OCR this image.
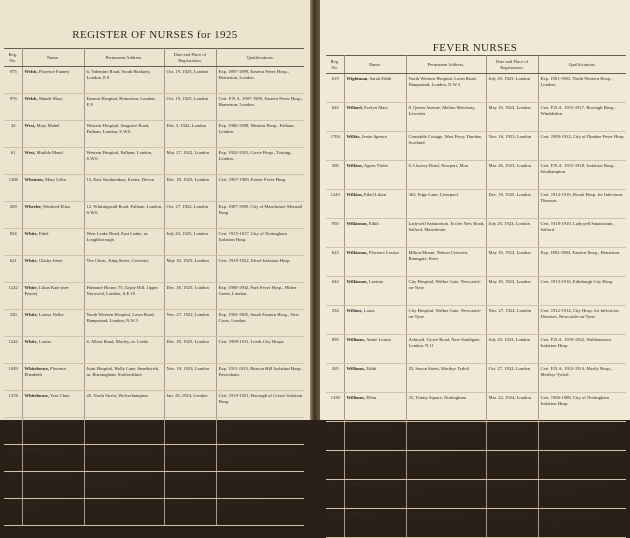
REGISTER OF NURSES for 1925
Reg. No.	Name.	Permanent Address.	Date and Place of Registration.	Qualifications.
975	Welsh, Florence Fanney	6, Valentine Road, South Hackney, London, E.9	Oct. 19, 1925, London	Exp. 1897-1899, Eastern Fever Hosp., Homerton, London.
976	Welsh, Maude Mary	Eastern Hospital, Homerton, London, E.9	Oct. 19, 1925, London	Cert. F.N.A. 1907-1909, Eastern Fever Hosp., Homerton, London.
42	West, Mary Mabel	Western Hospital, Seagrave Road, Fulham, London, S.W.6	Feb. 3, 1922, London	Exp. 1906-1908, Western Hosp., Fulham, London.
61	West, Matilda Maud	Western Hospital, Fulham, London, S.W.6	Mar. 27, 1922, London	Exp. 1922-1923, Grove Hosp., Tooting, London.
1306	Whenton, Mary Celia	12, East Southernhay, Exeter, Devon	Dec. 18, 1925, London	Cert. 1907-1909, Exeter Fever Hosp.
269	Wheeler, Winifred Eliza	12, Whittingstall Road, Fulham, London, S.W.6	Oct. 27, 1922, London	Exp. 1907-1909, City of Manchester Monsall Hosp.
834	White, Ethel	West Leake Road, East Leake, nr. Loughborough	July 20, 1925, London	Cert. 1915-1917, City of Nottingham Isolation Hosp.
621	White, Gladys Irene	The Clinic, King Street, Coventry	May 18, 1925, London	Cert. 1919-1922, Ilford Isolation Hosp.
1242	White, Lilian Kate (nee Payne)	Panmure House, 75, Gipsy Hill, Upper Norwood, London, S.E.19	Dec. 18, 1925, London	Exp. 1900-1902, Park Fever Hosp., Hither Green, London.
330	White, Louisa Nellie	North Western Hospital, Lawn Road, Hampstead, London, N.W.3	Nov. 27, 1922, London	Exp. 1902-1905, South Eastern Hosp., New Cross, London.
1242	White, Louise	6, Albert Road, Morley, nr. Leeds	Dec. 18, 1925, London	Cert. 1909-1911, Leeds City Hosps.
1049	Whitehouse, Florence Elizabeth	Joint Hospital, Holly Lane, Smethwick, nr. Birmingham, Staffordshire	Nov. 10, 1923, London	Exp. 1911-1913, Beacon Hill Isolation Hosp., Faversham.
1378	Whitehouse, Vera Clare	20, North Street, Wolverhampton	Jan. 18, 1924, London	Cert. 1919-1921, Borough of Crewe Isolation Hosp.
333	Whiteman, Mildred Margaret Martha	62, Park Avenue, Mitcham, Surrey	Nov. 27, 1922, London	Exp. 1908-1912, Brook Hosp., Woolwich, London.
808	Whitfield, Ethelwyn	56, Dunsmure Road, Stamford Hill, London, N.16	July 20, 1923, London	Exp. 1915-1917, City Hosp. for Infectious Diseases, Newcastle-on-Tyne.
43	Wickham, Mary Elizabeth	Western Hospital, Seagrave Road, Fulham, London, S.W.6	Feb. 3, 1922, London	Exp. 1902-1904, M.A.B. Hosps.
751	Wickson, Kathleen	White Hart House,	June 15, 1923,	Exp. 1920-1922, and
FEVER NURSES
Reg. No.	Name.	Permanent Address.	Date and Place of Registration.	Qualifications.
619	Wightman, Sarah Edith	North Western Hospital, Lawn Road, Hampstead, London, N.W.3	July 20, 1923, London	Exp. 1901-1903, North Western Hosp., London.
622	Willard, Evelyn Mary	8, Queen Avenue, Melton Mowbray, Leicester	May 18, 1923, London	Cert. F.N.A. 1915-1917, Borough Hosp., Wimbledon.
1704	Wilkie, Jessie Spence	Constable Cottage, West Ferry, Dundee, Scotland	Nov. 16, 1923, London	Cert. 1909-1912, City of Dundee Fever Hosp.
500	Wilkins, Agnes Violet	6, Llwerry Road, Newport, Mon	Mar. 26, 1923, London	Cert. F.N.A. 1915-1918, Isolation Hosp., Southampton.
1243	Wilkins, Ethel Lilian	363, Edge Lane, Liverpool	Dec. 18, 1925, London	Cert. 1914-1916, Brook Hosp. for Infectious Diseases.
950	Wilkinson, Edith	Ladywell Sanatorium, Eccles New Road, Salford, Manchester	July 20, 1923, London	Cert. 1918-1919, Ladywell Sanatorium, Salford.
623	Wilkinson, Florence Louisa	Milton Mount, Nelson Crescent, Ramsgate, Kent	May 18, 1923, London	Exp. 1892-1894, Eastern Hosp., Homerton.
642	Wilkinson, Lavinia	City Hospital, Walker Gate, Newcastle-on-Tyne	May 18, 1923, London	Cert. 1913-1916, Edinburgh City Hosp.
334	Willans, Laura	City Hospital, Walker Gate, Newcastle-on-Tyne	Nov. 27, 1922, London	Cert. 1912-1914, City Hosp. for Infectious Diseases, Newcastle-on-Tyne.
859	Williams, Annie Louisa	Ashroyd, Grove Road, New Southgate, London, N.11	July 20, 1923, London	Cert. F.N.A. 1919-1922, Walthamstow Isolation Hosp.
265	Williams, Edith	25, Saxon Street, Merthyr Tydvil	Oct. 27, 1922, London	Cert. F.N.A. 1912-1914, Marily Hosp., Merthyr Tydvil.
1439	Williams, Ellen	35, Trinity Square, Nottingham	Mar. 22, 1924, London	Cert. 1906-1908, City of Nottingham Isolation Hosp.
269	Williams, Enid Mabel	Minkie, 34, Clarence Street, Mountain Ash, Glamorgan	Oct. 27, 1922, London	Cert. 1919-1920, Ham Green Sanatorium Isolation Hosp., Bristol.
1250	Williams, Florence Irene	3, Napier Street, Machen, Monmouthshire	Dec. 18, 1925, London	Exp. 1926-1919, Park Fever Hosp., Hither Green, London.
625	Williams, Gertrude Miriam	North Riding Infirmary, Middlesbrough, Yorkshire	April 27, 1922, London	Exp. 1909-1912, North Eastern Hosp., Tottenham, London.
1366	Williams, Grace	93, Huskisson Street, Liverpool	Jan. 18, 1924, London	Exp. 1904-1906, Isolation Hosp., Southampton.
